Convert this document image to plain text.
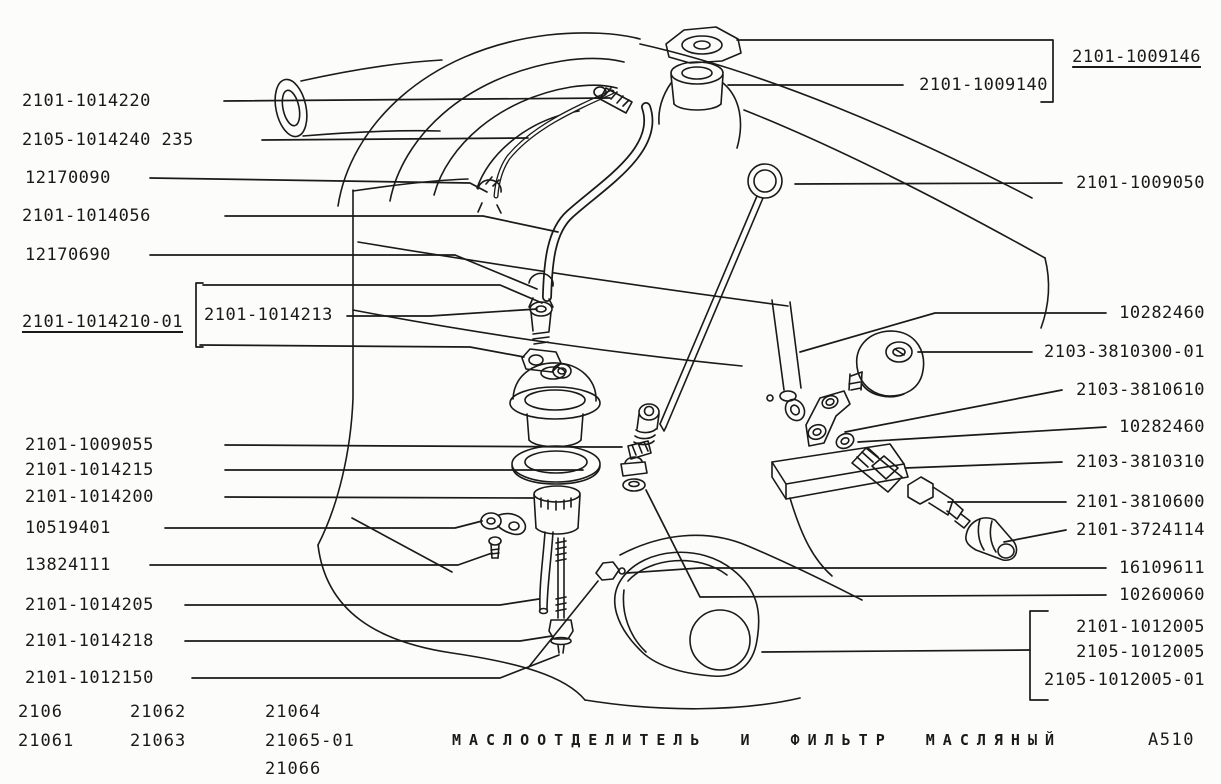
2101-1014220
2105-1014240 235
12170090
2101-1014056
12170690
2101-1014210-01 2101-1014213
2101-1009055
2101-1014215
2101-1014200
10519401
13824111
2101-1014205
2101-1014218
2101-1012150
2101-1009146
2101-1009140
2101-1009050
10282460
2103-3810300-01
2103-3810610
10282460
2103-3810310
2101-3810600
2101-3724114
16109611
10260060
2101-1012005
2105-1012005
2105-1012005-01
2106
21061
21062
21063
21064
21065-01
21066
МАСЛООТДЕЛИТЕЛЬ И ФИЛЬТР МАСЛЯНЫЙ	А510
